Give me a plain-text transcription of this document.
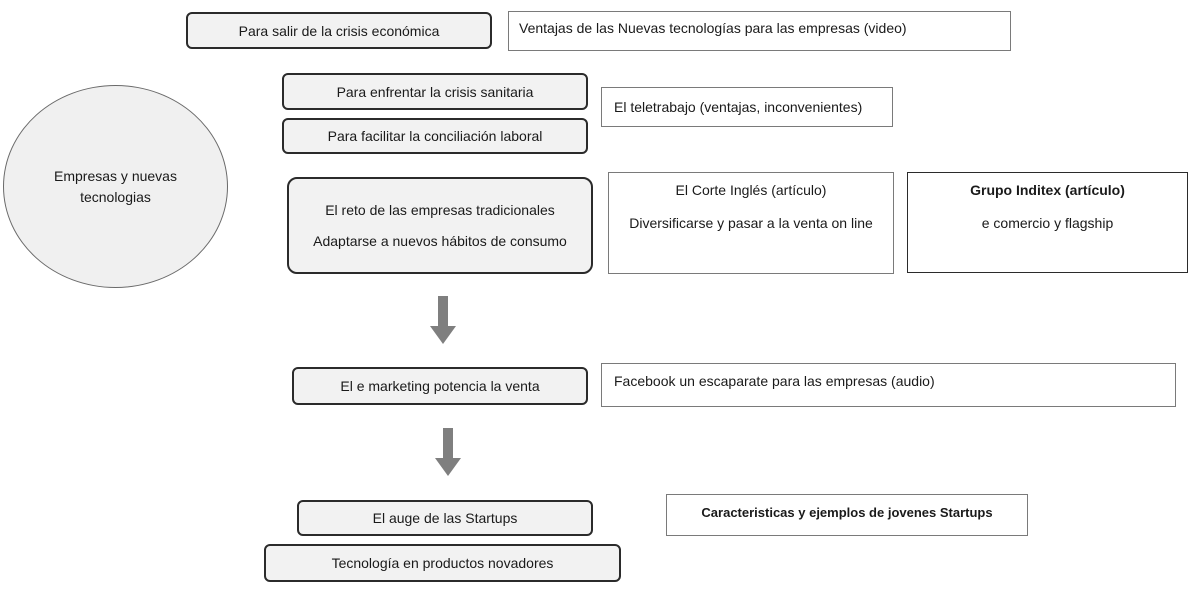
Empresas y nuevas tecnologias
Para salir de la crisis económica
Para enfrentar la crisis sanitaria
Para facilitar la conciliación laboral
El reto de las empresas tradicionales
Adaptarse a nuevos hábitos de consumo
El e marketing potencia la venta
El auge de las Startups
Tecnología en productos novadores
Ventajas de las Nuevas tecnologías para las empresas (video)
El teletrabajo (ventajas, inconvenientes)
El Corte Inglés (artículo)
Diversificarse y pasar a la venta on line
Grupo Inditex (artículo)
e comercio y flagship
Facebook un escaparate para las empresas (audio)
Caracteristicas y ejemplos de jovenes Startups
